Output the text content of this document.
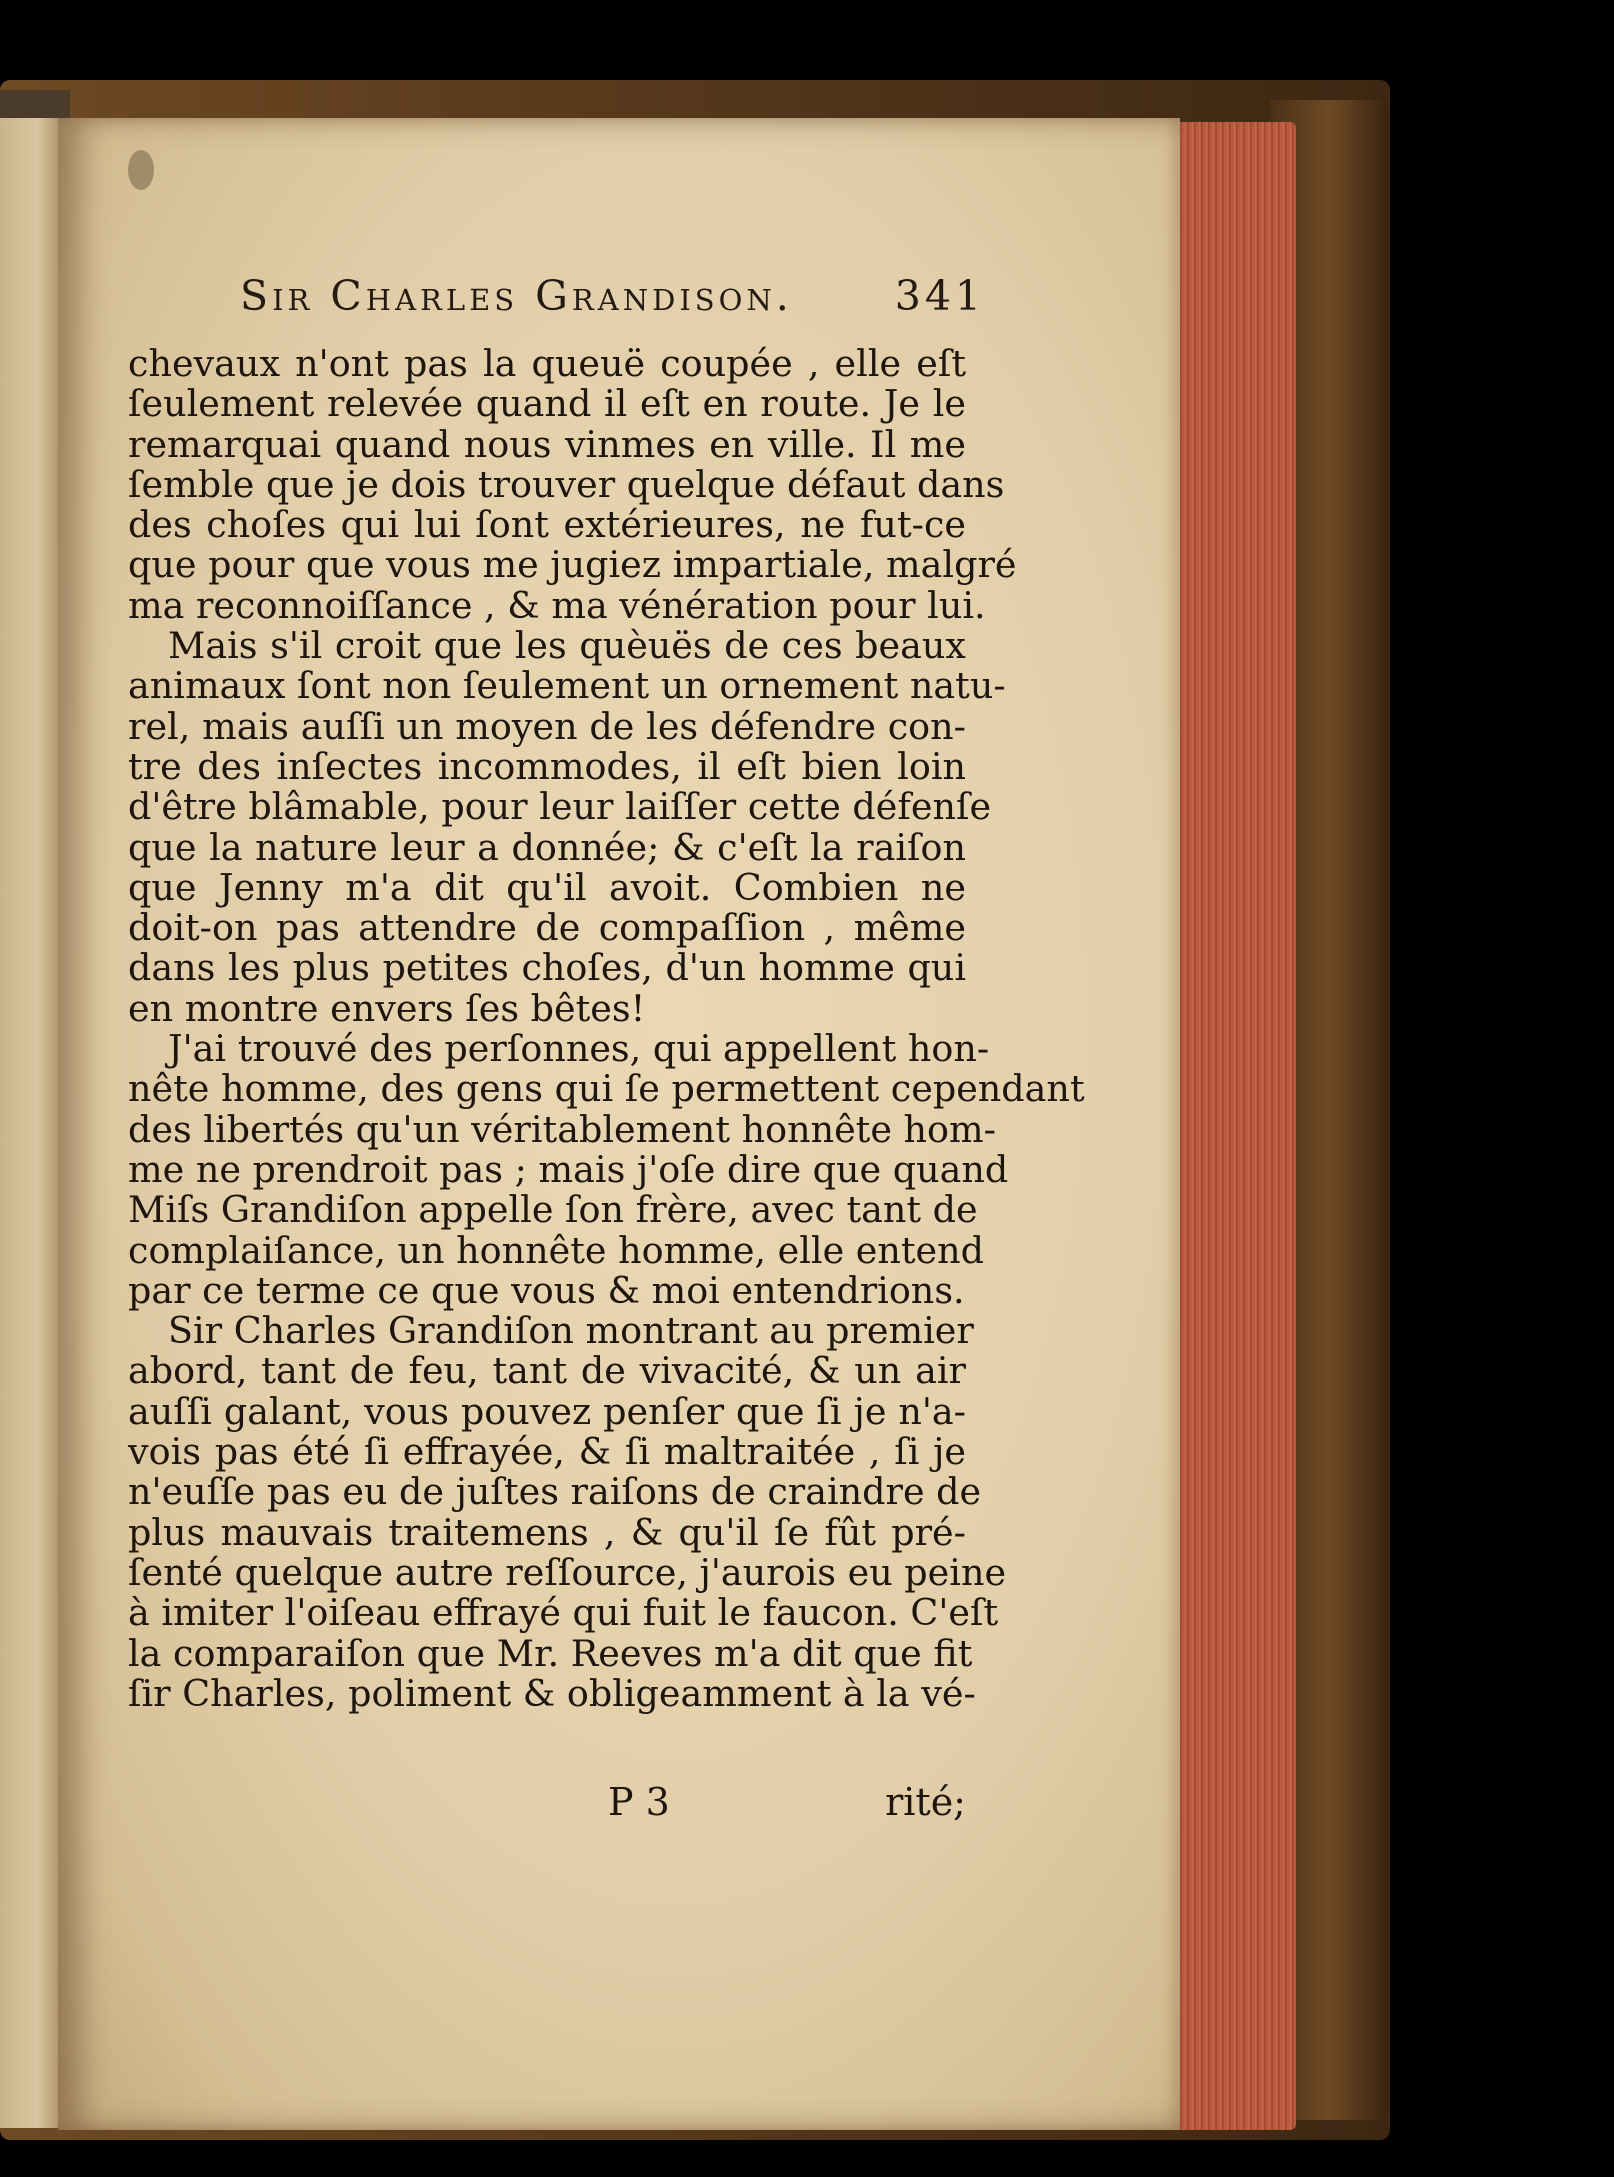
Sir Charles Grandison. 341
chevaux n'ont pas la queuë coupée , elle eſt
ſeulement relevée quand il eſt en route. Je le
remarquai quand nous vinmes en ville. Il me
ſemble que je dois trouver quelque défaut dans
des choſes qui lui ſont extérieures, ne fut-ce
que pour que vous me jugiez impartiale, malgré
ma reconnoiſſance , & ma vénération pour lui.
Mais s'il croit que les quèuës de ces beaux
animaux ſont non ſeulement un ornement natu-
rel, mais auſſi un moyen de les défendre con-
tre des inſectes incommodes, il eſt bien loin
d'être blâmable, pour leur laiſſer cette défenſe
que la nature leur a donnée; & c'eſt la raiſon
que Jenny m'a dit qu'il avoit. Combien ne
doit-on pas attendre de compaſſion , même
dans les plus petites choſes, d'un homme qui
en montre envers ſes bêtes!
J'ai trouvé des perſonnes, qui appellent hon-
nête homme, des gens qui ſe permettent cependant
des libertés qu'un véritablement honnête hom-
me ne prendroit pas ; mais j'oſe dire que quand
Miſs Grandiſon appelle ſon frère, avec tant de
complaiſance, un honnête homme, elle entend
par ce terme ce que vous & moi entendrions.
Sir Charles Grandiſon montrant au premier
abord, tant de feu, tant de vivacité, & un air
auſſi galant, vous pouvez penſer que ſi je n'a-
vois pas été ſi effrayée, & ſi maltraitée , ſi je
n'euſſe pas eu de juſtes raiſons de craindre de
plus mauvais traitemens , & qu'il ſe fût pré-
ſenté quelque autre reſſource, j'aurois eu peine
à imiter l'oiſeau effrayé qui fuit le faucon. C'eſt
la comparaiſon que Mr. Reeves m'a dit que fit
ſir Charles, poliment & obligeamment à la vé-
P 3	rité;
